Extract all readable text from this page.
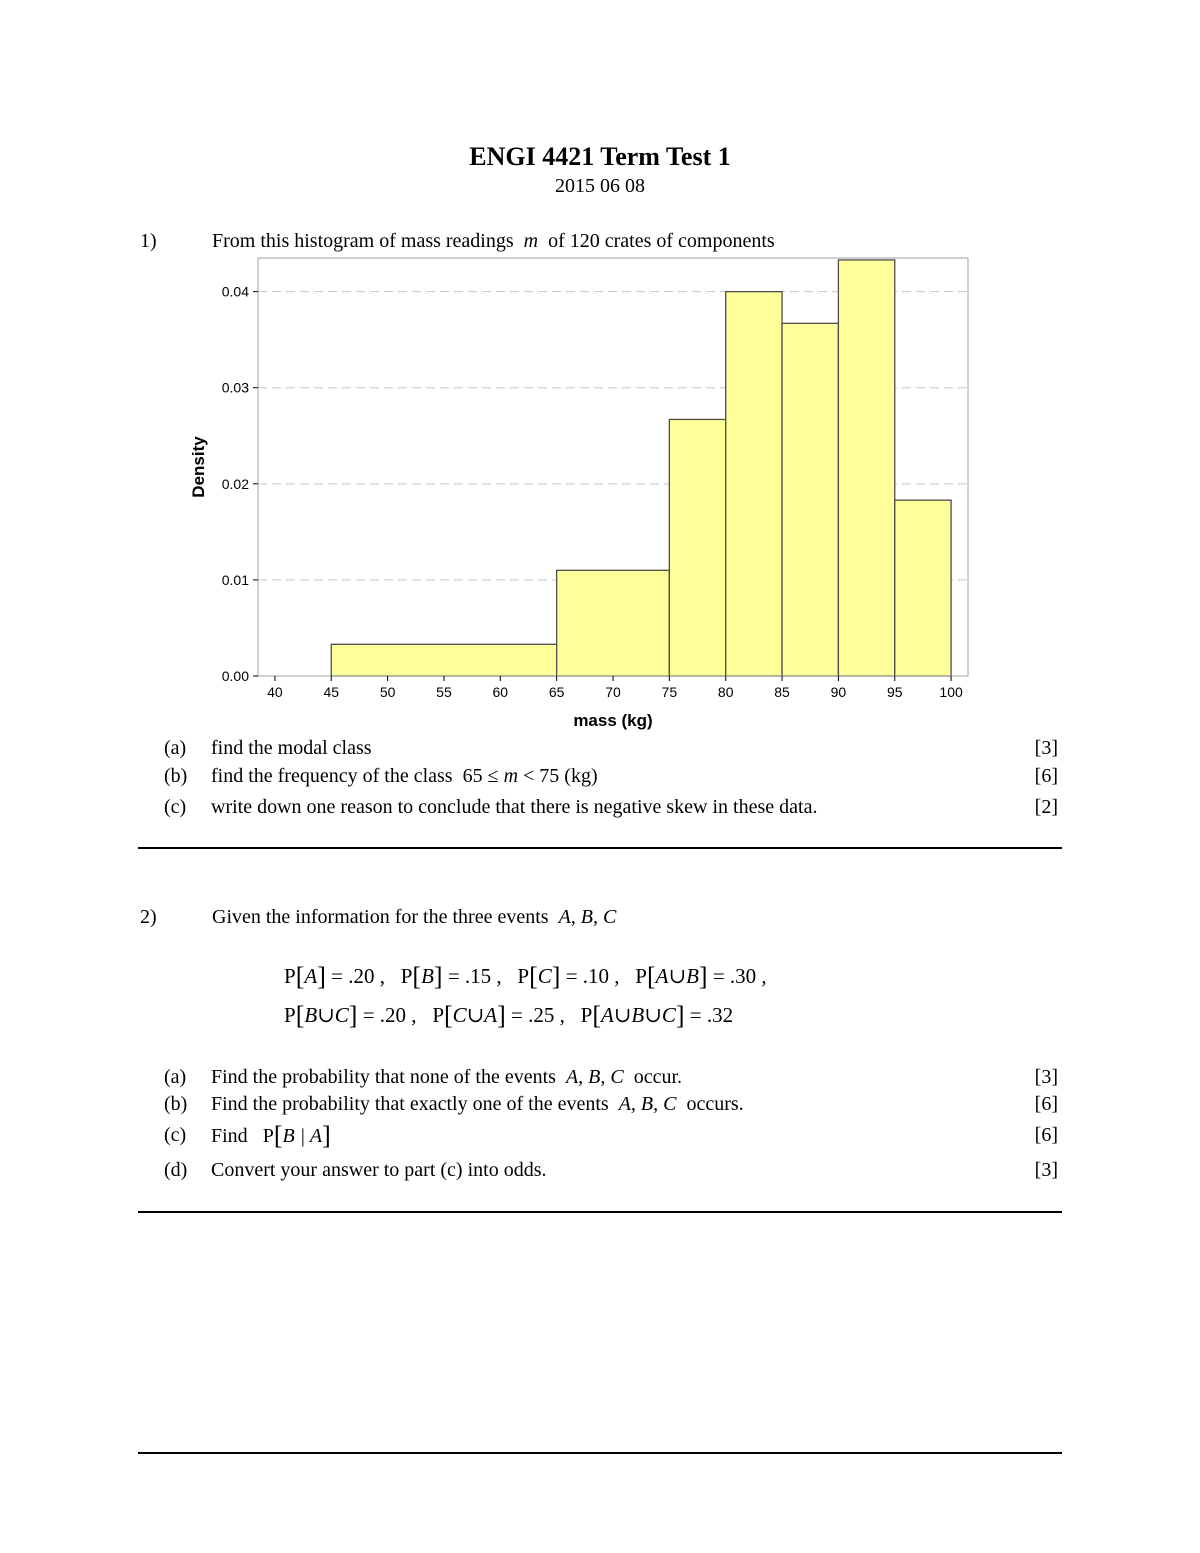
ENGI 4421 Term Test 1
2015 06 08
1)	From this histogram of mass readings m of 120 crates of components
0.00
0.01
0.02
0.03
0.04
40	45	50	55	60	65	70	75	80	85	90	95	100
Density
mass (kg)
(a) find the modal class	[3]
(b) find the frequency of the class 65 ≤ m < 75 (kg)	[6]
(c) write down one reason to conclude that there is negative skew in these data.	[2]
2)	Given the information for the three events A, B, C
P[A] = .20 , P[B] = .15 , P[C] = .10 , P[A∪B] = .30 ,
P[B∪C] = .20 , P[C∪A] = .25 , P[A∪B∪C] = .32
(a) Find the probability that none of the events A, B, C occur.	[3]
(b) Find the probability that exactly one of the events A, B, C occurs.	[6]
(c) Find P[B | A]	[6]
(d) Convert your answer to part (c) into odds.	[3]
